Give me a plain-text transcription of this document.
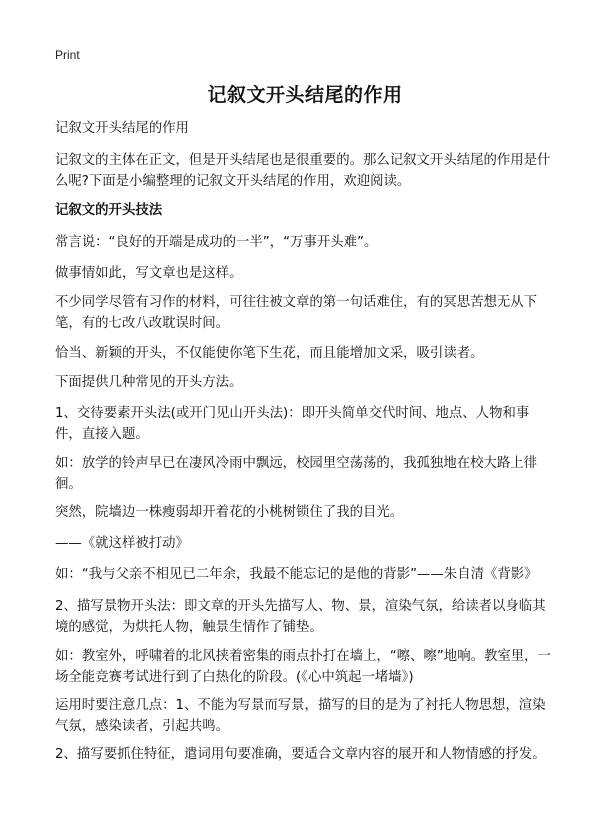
Print
记叙文开头结尾的作用

记叙文开头结尾的作用

记叙文的主体在正文，但是开头结尾也是很重要的。那么记叙文开头结尾的作用是什么呢?下面是小编整理的记叙文开头结尾的作用，欢迎阅读。

记叙文的开头技法

常言说：“良好的开端是成功的一半”，“万事开头难”。

做事情如此，写文章也是这样。

不少同学尽管有习作的材料，可往往被文章的第一句话难住，有的冥思苦想无从下笔，有的七改八改耽误时间。

恰当、新颖的开头，不仅能使你笔下生花，而且能增加文采，吸引读者。

下面提供几种常见的开头方法。

1、交待要素开头法(或开门见山开头法)：即开头简单交代时间、地点、人物和事件，直接入题。

如：放学的铃声早已在凄风冷雨中飘远，校园里空荡荡的，我孤独地在校大路上徘徊。

突然，院墙边一株瘦弱却开着花的小桃树锁住了我的目光。

——《就这样被打动》

如：“我与父亲不相见已二年余，我最不能忘记的是他的背影”——朱自清《背影》

2、描写景物开头法：即文章的开头先描写人、物、景，渲染气氛，给读者以身临其境的感觉，为烘托人物，触景生情作了铺垫。

如：教室外，呼啸着的北风挟着密集的雨点扑打在墙上，“嚓、嚓”地响。教室里，一场全能竞赛考试进行到了白热化的阶段。(《心中筑起一堵墙》)

运用时要注意几点：1、不能为写景而写景，描写的目的是为了衬托人物思想，渲染气氛，感染读者，引起共鸣。

2、描写要抓住特征，遣词用句要准确，要适合文章内容的展开和人物情感的抒发。
